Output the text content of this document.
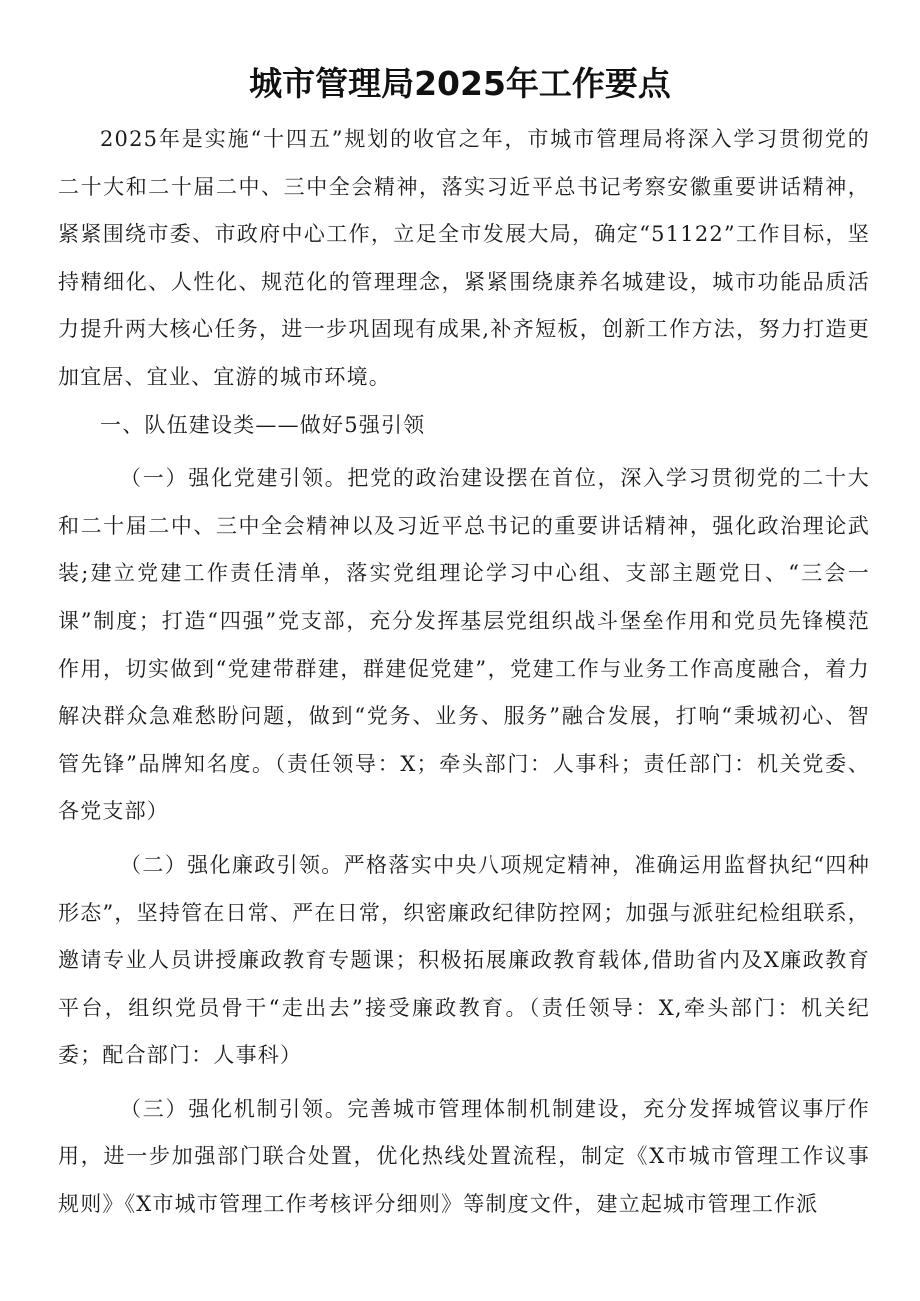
城市管理局2025年工作要点

2025年是实施“十四五”规划的收官之年，市城市管理局将深入学习贯彻党的二十大和二十届二中、三中全会精神，落实习近平总书记考察安徽重要讲话精神，紧紧围绕市委、市政府中心工作，立足全市发展大局，确定“51122”工作目标，坚持精细化、人性化、规范化的管理理念，紧紧围绕康养名城建设，城市功能品质活力提升两大核心任务，进一步巩固现有成果,补齐短板，创新工作方法，努力打造更加宜居、宜业、宜游的城市环境。

一、队伍建设类——做好5强引领

（一）强化党建引领。把党的政治建设摆在首位，深入学习贯彻党的二十大和二十届二中、三中全会精神以及习近平总书记的重要讲话精神，强化政治理论武装;建立党建工作责任清单，落实党组理论学习中心组、支部主题党日、“三会一课”制度；打造“四强”党支部，充分发挥基层党组织战斗堡垒作用和党员先锋模范作用，切实做到“党建带群建，群建促党建”，党建工作与业务工作高度融合，着力解决群众急难愁盼问题，做到“党务、业务、服务”融合发展，打响“秉城初心、智管先锋”品牌知名度。（责任领导：X；牵头部门：人事科；责任部门：机关党委、各党支部）

（二）强化廉政引领。严格落实中央八项规定精神，准确运用监督执纪“四种形态”，坚持管在日常、严在日常，织密廉政纪律防控网；加强与派驻纪检组联系，邀请专业人员讲授廉政教育专题课；积极拓展廉政教育载体,借助省内及X廉政教育平台，组织党员骨干“走出去”接受廉政教育。（责任领导：X,牵头部门：机关纪委；配合部门：人事科）

（三）强化机制引领。完善城市管理体制机制建设，充分发挥城管议事厅作用，进一步加强部门联合处置，优化热线处置流程，制定《X市城市管理工作议事规则》《X市城市管理工作考核评分细则》等制度文件，建立起城市管理工作派
